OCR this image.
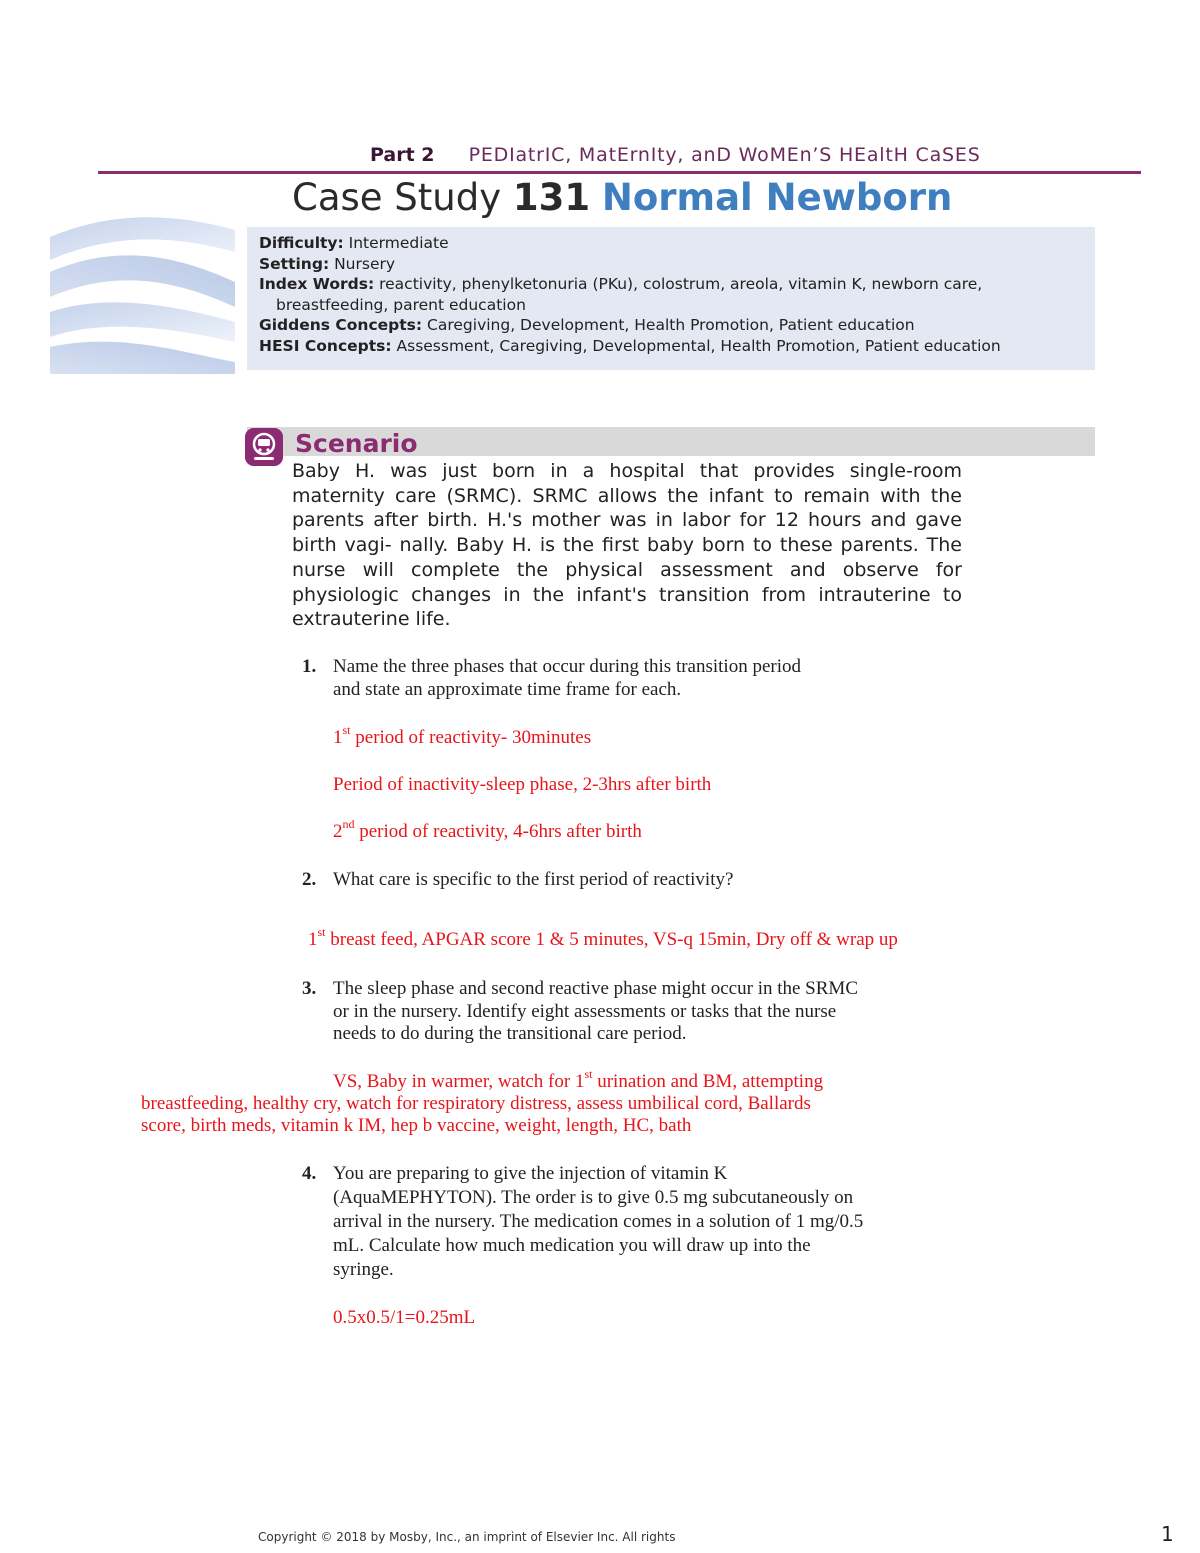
Part 2 PEDIatrIC, MatErnIty, anD WoMEn’S HEaltH CaSES
Case Study 131 Normal Newborn
Difficulty: Intermediate
Setting: Nursery
Index Words: reactivity, phenylketonuria (PKu), colostrum, areola, vitamin K, newborn care,
breastfeeding, parent education
Giddens Concepts: Caregiving, Development, Health Promotion, Patient education
HESI Concepts: Assessment, Caregiving, Developmental, Health Promotion, Patient education
Scenario
Baby H. was just born in a hospital that provides single-room maternity care (SRMC). SRMC allows the infant to remain with the parents after birth. H.'s mother was in labor for 12 hours and gave birth vagi- nally. Baby H. is the first baby born to these parents. The nurse will complete the physical assessment and observe for physiologic changes in the infant's transition from intrauterine to extrauterine life.
1. Name the three phases that occur during this transition period
and state an approximate time frame for each.
1st period of reactivity- 30minutes
Period of inactivity-sleep phase, 2-3hrs after birth
2nd period of reactivity, 4-6hrs after birth
2. What care is specific to the first period of reactivity?
1st breast feed, APGAR score 1 & 5 minutes, VS-q 15min, Dry off & wrap up
3. The sleep phase and second reactive phase might occur in the SRMC
or in the nursery. Identify eight assessments or tasks that the nurse
needs to do during the transitional care period.
VS, Baby in warmer, watch for 1st urination and BM, attempting
breastfeeding, healthy cry, watch for respiratory distress, assess umbilical cord, Ballards
score, birth meds, vitamin k IM, hep b vaccine, weight, length, HC, bath
4. You are preparing to give the injection of vitamin K
(AquaMEPHYTON). The order is to give 0.5 mg subcutaneously on
arrival in the nursery. The medication comes in a solution of 1 mg/0.5
mL. Calculate how much medication you will draw up into the
syringe.
0.5x0.5/1=0.25mL
Copyright © 2018 by Mosby, Inc., an imprint of Elsevier Inc. All rights	1
